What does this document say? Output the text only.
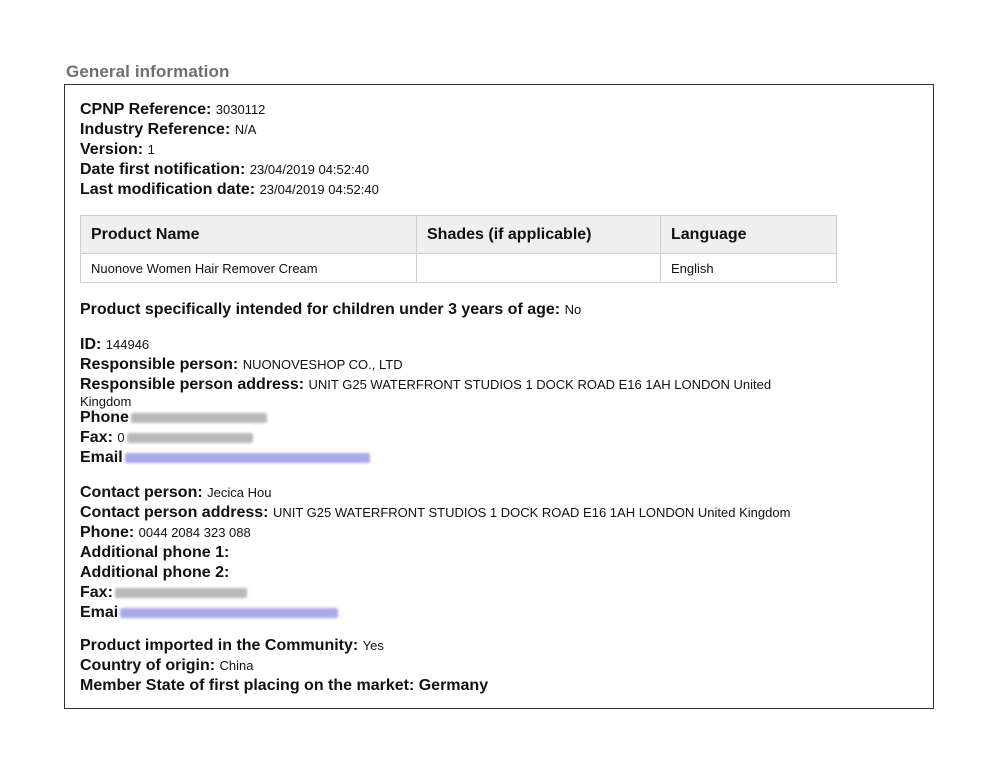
General information
CPNP Reference: 3030112
Industry Reference: N/A
Version: 1
Date first notification: 23/04/2019 04:52:40
Last modification date: 23/04/2019 04:52:40
Product Name	Shades (if applicable)	Language
Nuonove Women Hair Remover Cream		English
Product specifically intended for children under 3 years of age: No
ID: 144946
Responsible person: NUONOVESHOP CO., LTD
Responsible person address: UNIT G25 WATERFRONT STUDIOS 1 DOCK ROAD E16 1AH LONDON United
Kingdom
Phone
Fax: 0
Email
Contact person: Jecica Hou
Contact person address: UNIT G25 WATERFRONT STUDIOS 1 DOCK ROAD E16 1AH LONDON United Kingdom
Phone: 0044 2084 323 088
Additional phone 1:
Additional phone 2:
Fax:
Emai
Product imported in the Community: Yes
Country of origin: China
Member State of first placing on the market: Germany
